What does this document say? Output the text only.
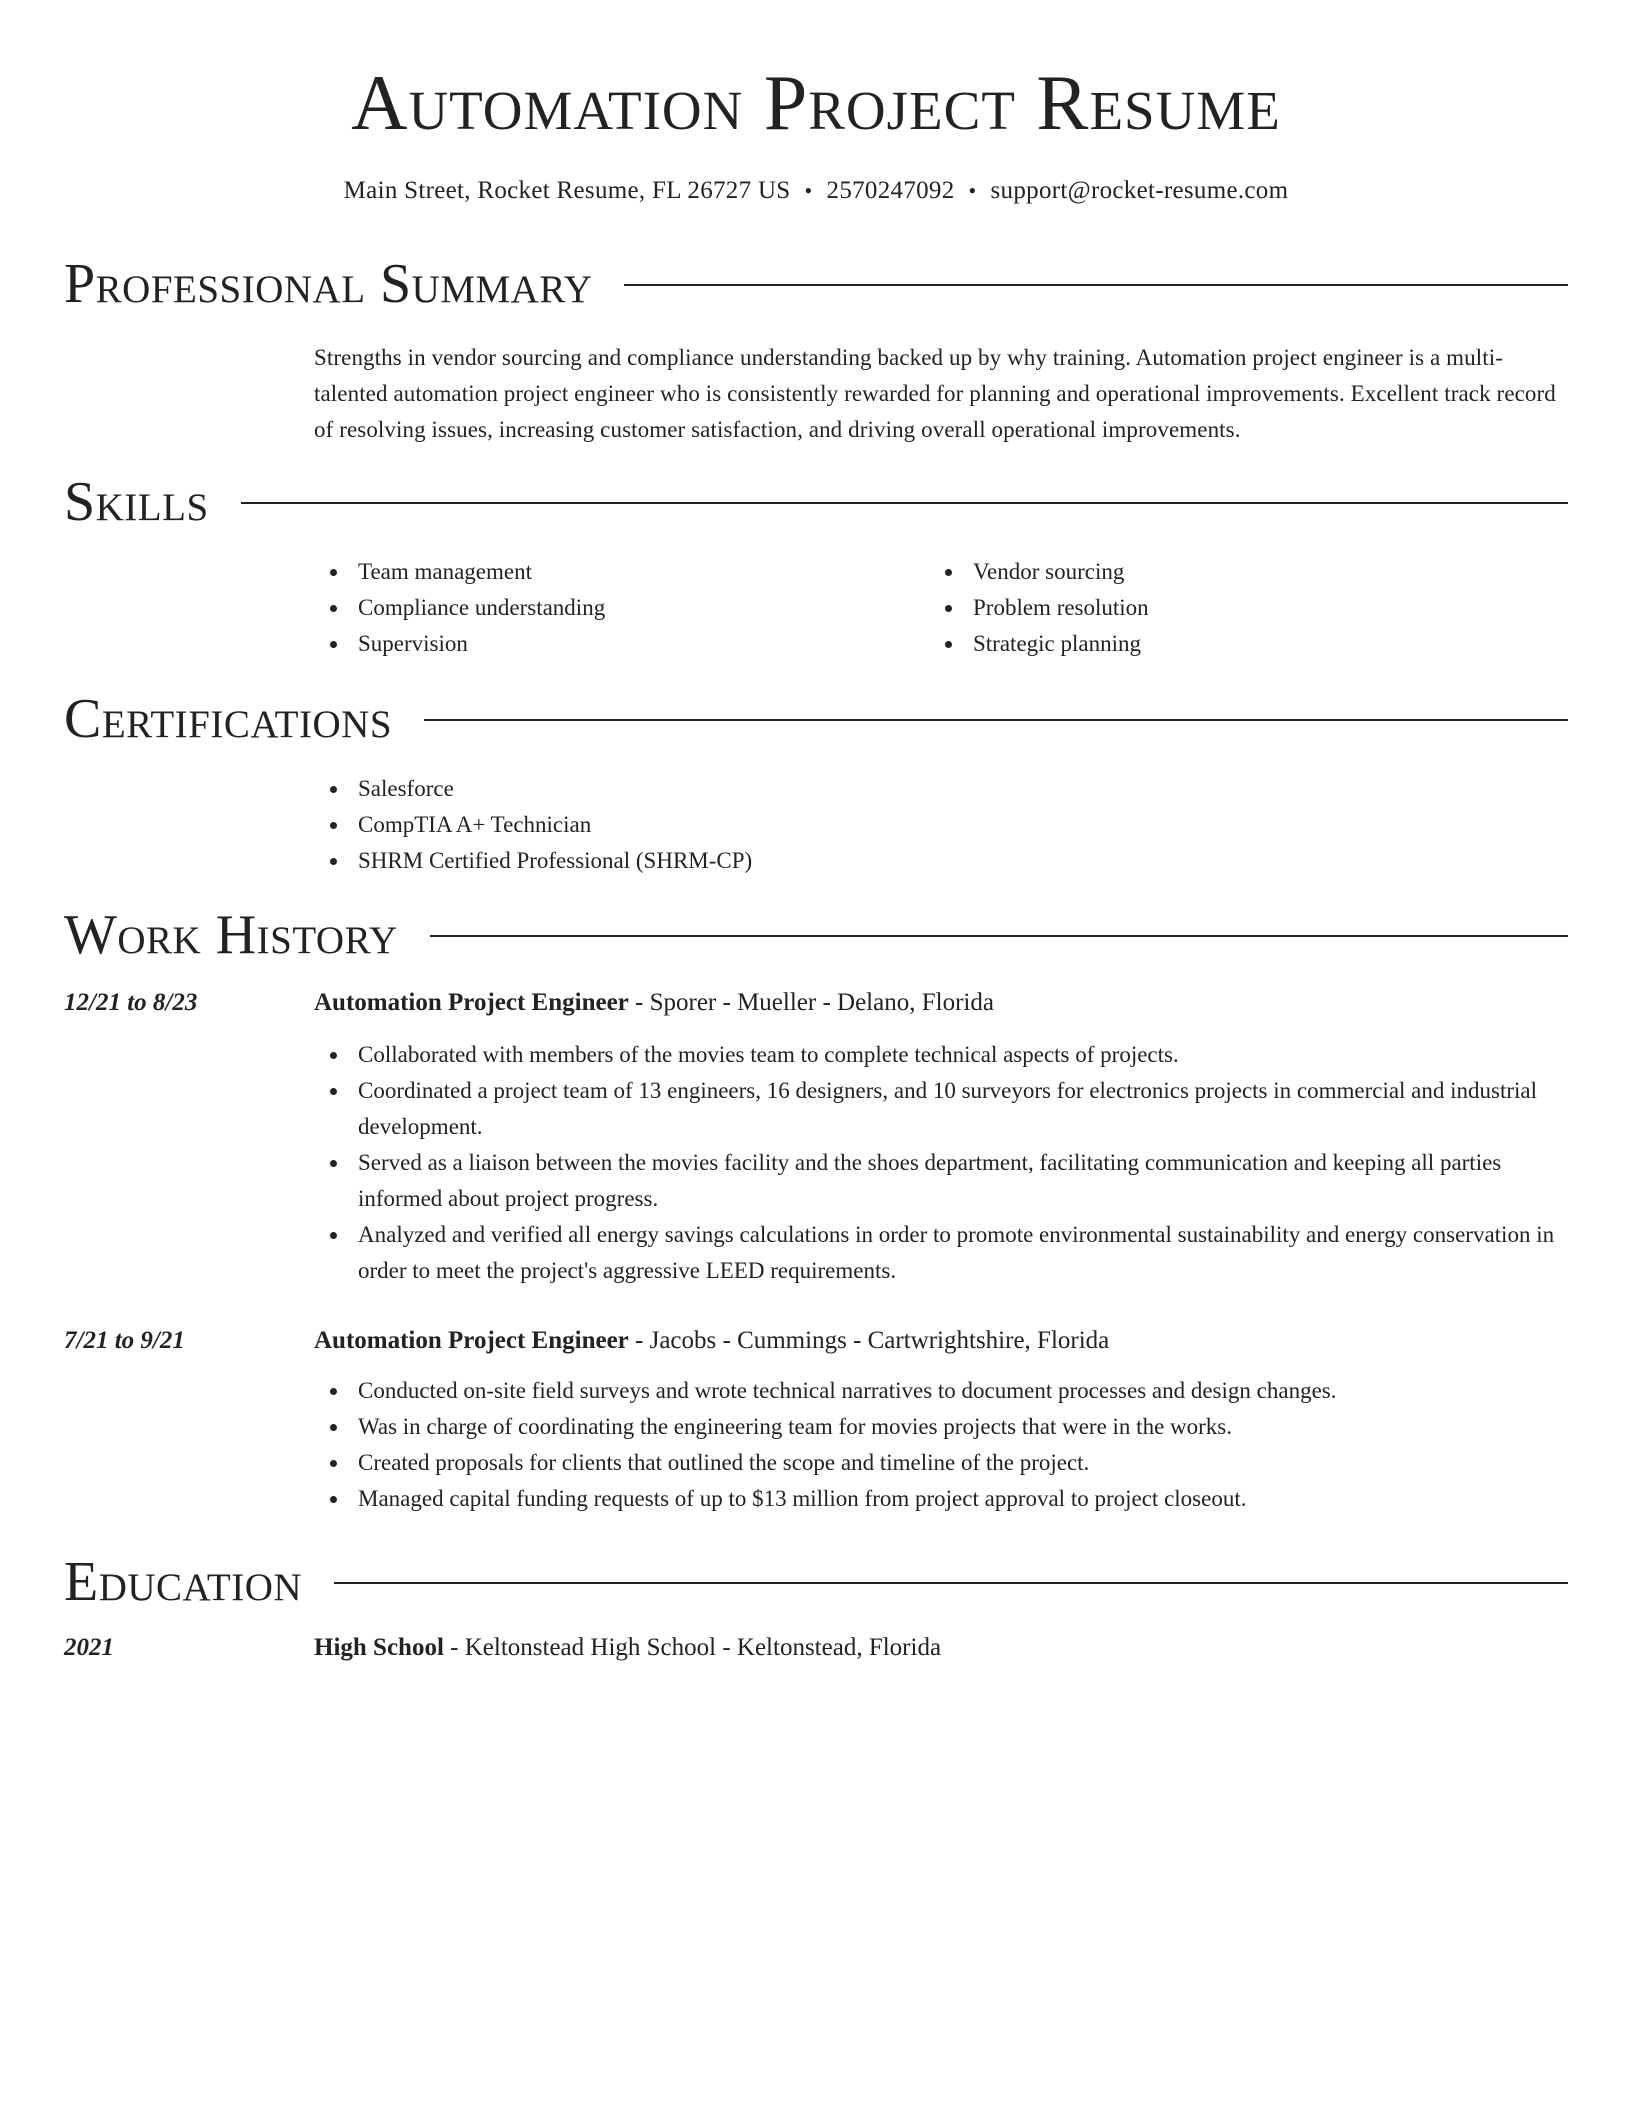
Automation Project Resume
Main Street, Rocket Resume, FL 26727 US • 2570247092 • support@rocket-resume.com
Professional Summary

Strengths in vendor sourcing and compliance understanding backed up by why training. Automation project engineer is a multi-talented automation project engineer who is consistently rewarded for planning and operational improvements. Excellent track record of resolving issues, increasing customer satisfaction, and driving overall operational improvements.

Skills
Team management
Compliance understanding
Supervision
Vendor sourcing
Problem resolution
Strategic planning
Certifications
Salesforce
CompTIA A+ Technician
SHRM Certified Professional (SHRM-CP)
Work History
12/21 to 8/23	Automation Project Engineer - Sporer - Mueller - Delano, Florida
Collaborated with members of the movies team to complete technical aspects of projects.
Coordinated a project team of 13 engineers, 16 designers, and 10 surveyors for electronics projects in commercial and industrial development.
Served as a liaison between the movies facility and the shoes department, facilitating communication and keeping all parties informed about project progress.
Analyzed and verified all energy savings calculations in order to promote environmental sustainability and energy conservation in order to meet the project's aggressive LEED requirements.
7/21 to 9/21	Automation Project Engineer - Jacobs - Cummings - Cartwrightshire, Florida
Conducted on-site field surveys and wrote technical narratives to document processes and design changes.
Was in charge of coordinating the engineering team for movies projects that were in the works.
Created proposals for clients that outlined the scope and timeline of the project.
Managed capital funding requests of up to $13 million from project approval to project closeout.
Education
2021	High School - Keltonstead High School - Keltonstead, Florida
